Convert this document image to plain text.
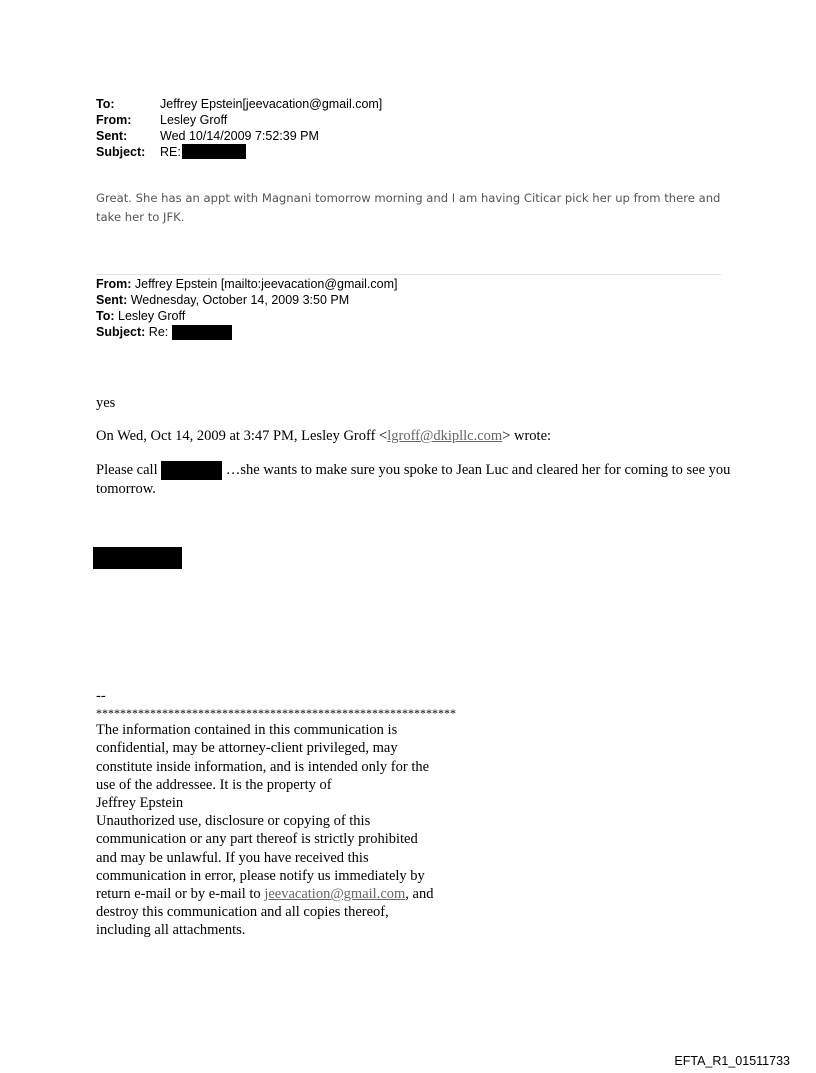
To:	Jeffrey Epstein[jeevacation@gmail.com]
From:	Lesley Groff
Sent:	Wed 10/14/2009 7:52:39 PM
Subject:	RE:
Great. She has an appt with Magnani tomorrow morning and I am having Citicar pick her up from there and take her to JFK.
From: Jeffrey Epstein [mailto:jeevacation@gmail.com]
Sent: Wednesday, October 14, 2009 3:50 PM
To: Lesley Groff
Subject: Re:
yes
On Wed, Oct 14, 2009 at 3:47 PM, Lesley Groff <lgroff@dkipllc.com> wrote:
Please call	…she wants to make sure you spoke to Jean Luc and cleared her for coming to see you tomorrow.
--
************************************************************
The information contained in this communication is confidential, may be attorney-client privileged, may constitute inside information, and is intended only for the use of the addressee. It is the property of
Jeffrey Epstein
Unauthorized use, disclosure or copying of this communication or any part thereof is strictly prohibited and may be unlawful. If you have received this communication in error, please notify us immediately by return e-mail or by e-mail to jeevacation@gmail.com, and destroy this communication and all copies thereof, including all attachments.
EFTA_R1_01511733
